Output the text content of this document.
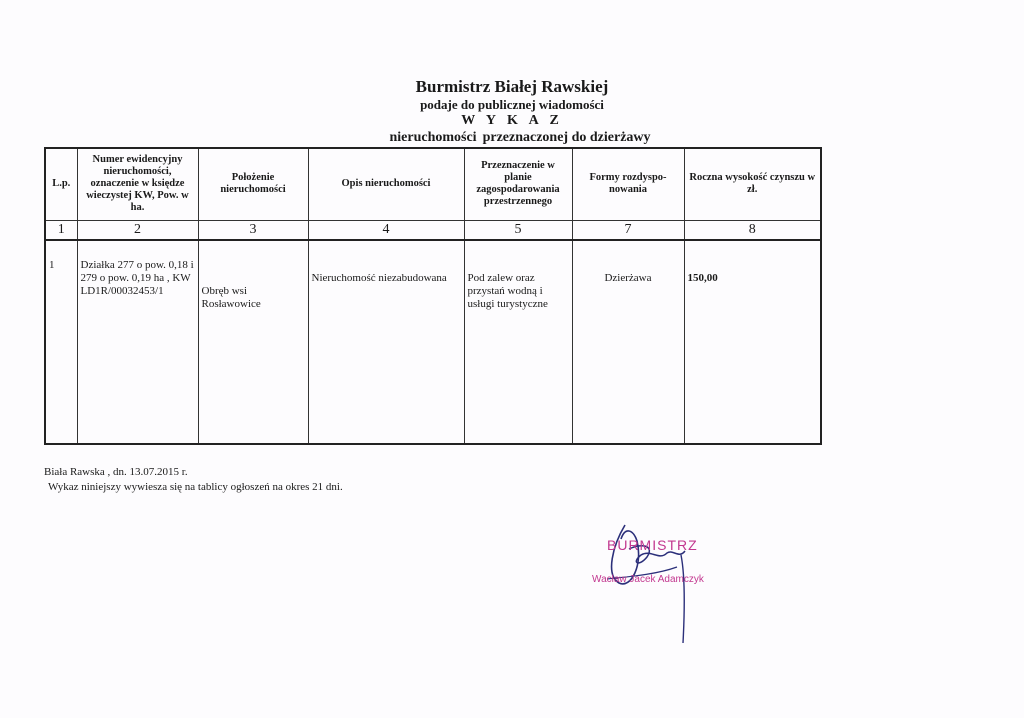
Burmistrz Białej Rawskiej
podaje do publicznej wiadomości
W Y K A Z
nieruchomości przeznaczonej do dzierżawy
L.p.	Numer ewidencyjny nieruchomości, oznaczenie w księdze wieczystej KW, Pow. w ha.	Położenie nieruchomości	Opis nieruchomości	Przeznaczenie w planie zagospodarowania przestrzennego	Formy rozdyspo-nowania	Roczna wysokość czynszu w zł.
1	2	3	4	5	7	8
1	Działka 277 o pow. 0,18 i 279 o pow. 0,19 ha , KW LD1R/00032453/1	Obręb wsi Rosławowice	Nieruchomość niezabudowana	Pod zalew oraz przystań wodną i usługi turystyczne	Dzierżawa	150,00
Biała Rawska , dn. 13.07.2015 r.
Wykaz niniejszy wywiesza się na tablicy ogłoszeń na okres 21 dni.
BURMISTRZ
Wacław Jacek Adamczyk
